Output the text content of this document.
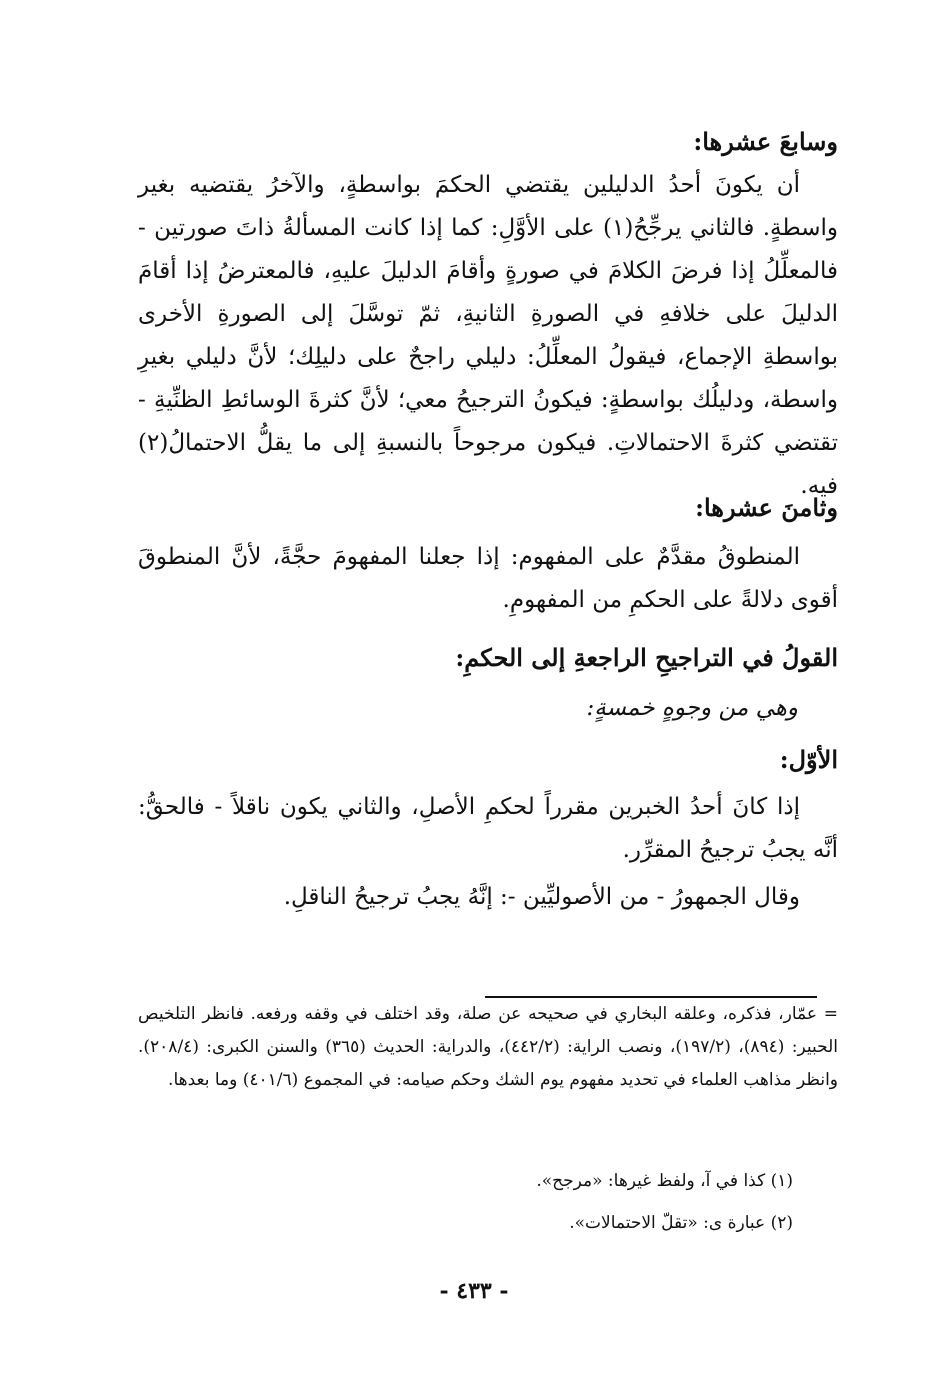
وسابعَ عشرها:
أن يكونَ أحدُ الدليلين يقتضي الحكمَ بواسطةٍ، والآخرُ يقتضيه بغير واسطةٍ. فالثاني يرجِّحُ(١) على الأوَّلِ: كما إذا كانت المسألةُ ذاتَ صورتين - فالمعلِّلُ إذا فرضَ الكلامَ في صورةٍ وأقامَ الدليلَ عليهِ، فالمعترضُ إذا أقامَ الدليلَ على خلافهِ في الصورةِ الثانيةِ، ثمّ توسَّلَ إلى الصورةِ الأخرى بواسطةِ الإجماع، فيقولُ المعلِّلُ: دليلي راجحٌ على دليلِك؛ لأنَّ دليلي بغيرِ واسطة، ودليلُك بواسطةٍ: فيكونُ الترجيحُ معي؛ لأنَّ كثرةَ الوسائطِ الظنِّيةِ - تقتضي كثرةَ الاحتمالاتِ. فيكون مرجوحاً بالنسبةِ إلى ما يقلُّ الاحتمالُ(٢) فيه.
وثامنَ عشرها:
المنطوقُ مقدَّمٌ على المفهوم: إذا جعلنا المفهومَ حجَّةً، لأنَّ المنطوقَ أقوى دلالةً على الحكمِ من المفهومِ.
القولُ في التراجيحِ الراجعةِ إلى الحكمِ:
وهي من وجوهٍ خمسةٍ:
الأوّل:
إذا كانَ أحدُ الخبرين مقرراً لحكمِ الأصلِ، والثاني يكون ناقلاً - فالحقُّ: أنَّه يجبُ ترجيحُ المقرِّر.
وقال الجمهورُ - من الأصوليِّين -: إنَّهُ يجبُ ترجيحُ الناقلِ.
= عمّار، فذكره، وعلقه البخاري في صحيحه عن صلة، وقد اختلف في وقفه ورفعه. فانظر التلخيص الحبير: (٨٩٤)، (١٩٧/٢)، ونصب الراية: (٤٤٢/٢)، والدراية: الحديث (٣٦٥) والسنن الكبرى: (٢٠٨/٤). وانظر مذاهب العلماء في تحديد مفهوم يوم الشك وحكم صيامه: في المجموع (٤٠١/٦) وما بعدها.
(١) كذا في آ، ولفظ غيرها: «مرجح».
(٢) عبارة ى: «تقلّ الاحتمالات».
- ٤٣٣ -
